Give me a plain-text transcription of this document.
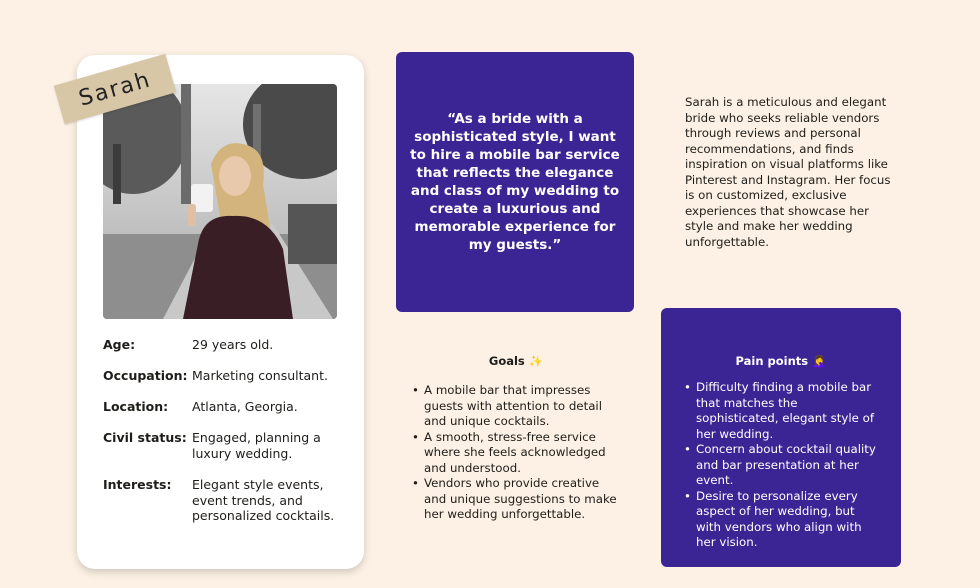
Age:	29 years old.
Occupation: Marketing consultant.
Location: Atlanta, Georgia.
Civil status: Engaged, planning a luxury wedding.
Interests: Elegant style events, event trends, and personalized cocktails.
Sarah

“As a bride with a sophisticated style, I want to hire a mobile bar service that reflects the elegance and class of my wedding to create a luxurious and memorable experience for my guests.”

Sarah is a meticulous and elegant bride who seeks reliable vendors through reviews and personal recommendations, and finds inspiration on visual platforms like Pinterest and Instagram. Her focus is on customized, exclusive experiences that showcase her style and make her wedding unforgettable.

Goals ✨
• A mobile bar that impresses guests with attention to detail and unique cocktails.
• A smooth, stress-free service where she feels acknowledged and understood.
• Vendors who provide creative and unique suggestions to make her wedding unforgettable.
Pain points 🤦‍♀️
• Difficulty finding a mobile bar that matches the sophisticated, elegant style of her wedding.
• Concern about cocktail quality and bar presentation at her event.
• Desire to personalize every aspect of her wedding, but with vendors who align with her vision.
